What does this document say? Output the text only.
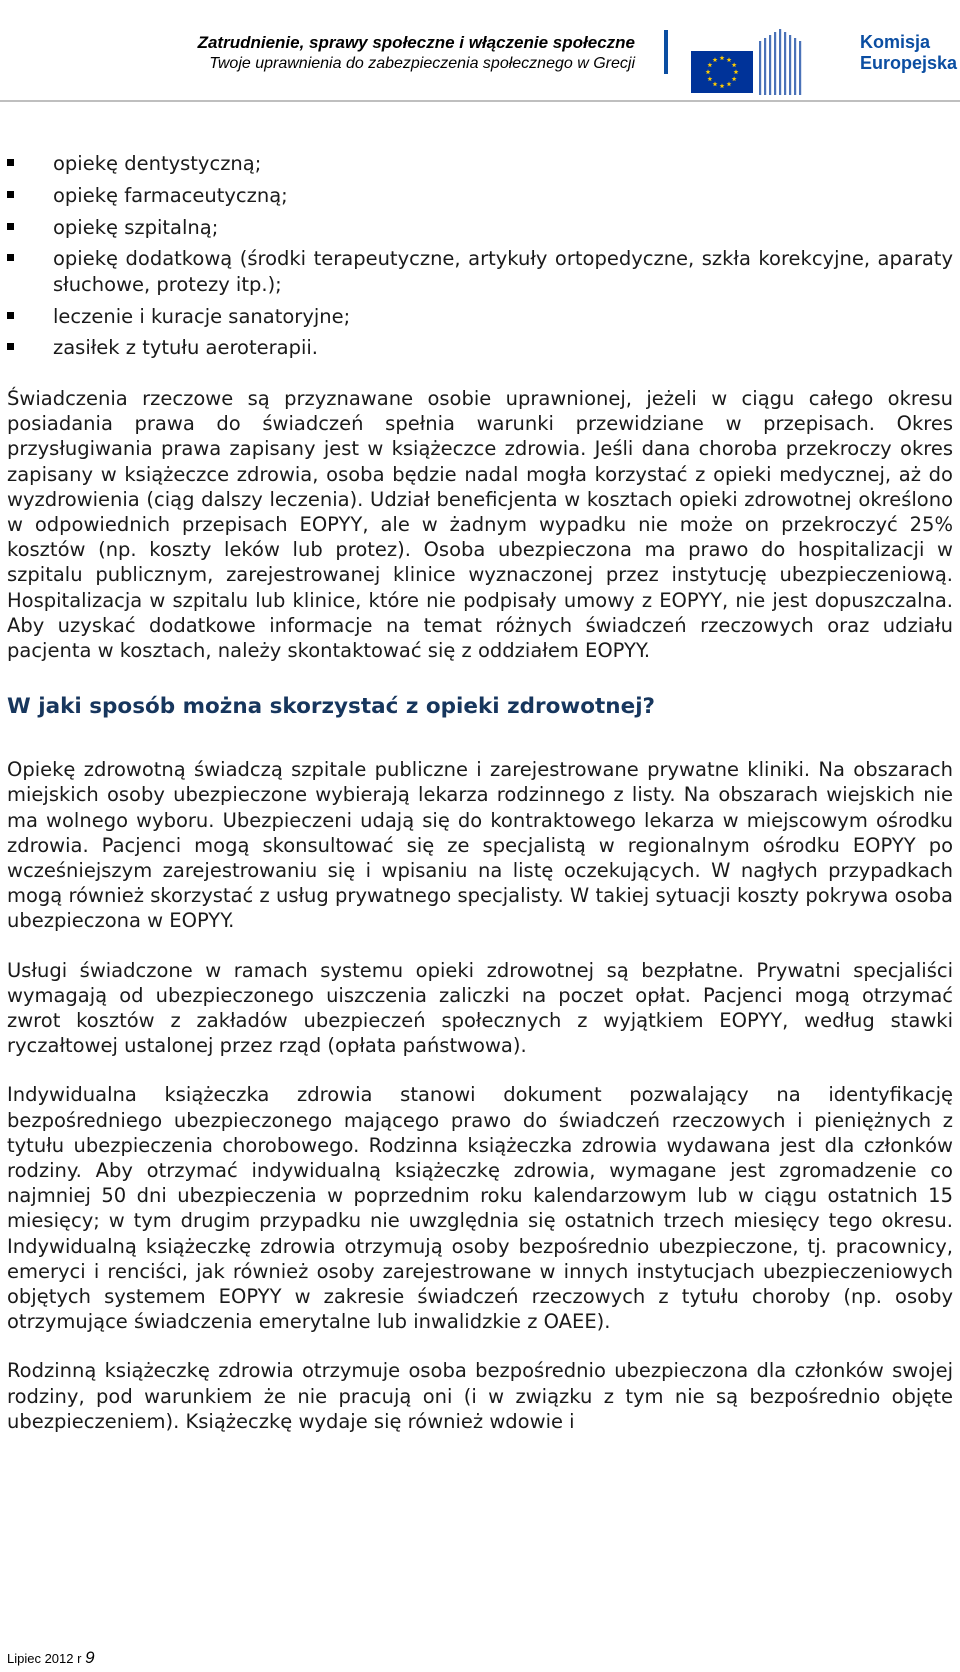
Zatrudnienie, sprawy społeczne i włączenie społeczne
Twoje uprawnienia do zabezpieczenia społecznego w Grecji
Komisja
Europejska
opiekę dentystyczną;
opiekę farmaceutyczną;
opiekę szpitalną;
opiekę dodatkową (środki terapeutyczne, artykuły ortopedyczne, szkła korekcyjne, aparaty słuchowe, protezy itp.);
leczenie i kuracje sanatoryjne;
zasiłek z tytułu aeroterapii.

Świadczenia rzeczowe są przyznawane osobie uprawnionej, jeżeli w ciągu całego okresu posiadania prawa do świadczeń spełnia warunki przewidziane w przepisach. Okres przysługiwania prawa zapisany jest w książeczce zdrowia. Jeśli dana choroba przekroczy okres zapisany w książeczce zdrowia, osoba będzie nadal mogła korzystać z opieki medycznej, aż do wyzdrowienia (ciąg dalszy leczenia). Udział beneficjenta w kosztach opieki zdrowotnej określono w odpowiednich przepisach EOPYY, ale w żadnym wypadku nie może on przekroczyć 25% kosztów (np. koszty leków lub protez). Osoba ubezpieczona ma prawo do hospitalizacji w szpitalu publicznym, zarejestrowanej klinice wyznaczonej przez instytucję ubezpieczeniową. Hospitalizacja w szpitalu lub klinice, które nie podpisały umowy z EOPYY, nie jest dopuszczalna. Aby uzyskać dodatkowe informacje na temat różnych świadczeń rzeczowych oraz udziału pacjenta w kosztach, należy skontaktować się z oddziałem EOPYY.

W jaki sposób można skorzystać z opieki zdrowotnej?

Opiekę zdrowotną świadczą szpitale publiczne i zarejestrowane prywatne kliniki. Na obszarach miejskich osoby ubezpieczone wybierają lekarza rodzinnego z listy. Na obszarach wiejskich nie ma wolnego wyboru. Ubezpieczeni udają się do kontraktowego lekarza w miejscowym ośrodku zdrowia. Pacjenci mogą skonsultować się ze specjalistą w regionalnym ośrodku EOPYY po wcześniejszym zarejestrowaniu się i wpisaniu na listę oczekujących. W nagłych przypadkach mogą również skorzystać z usług prywatnego specjalisty. W takiej sytuacji koszty pokrywa osoba ubezpieczona w EOPYY.

Usługi świadczone w ramach systemu opieki zdrowotnej są bezpłatne. Prywatni specjaliści wymagają od ubezpieczonego uiszczenia zaliczki na poczet opłat. Pacjenci mogą otrzymać zwrot kosztów z zakładów ubezpieczeń społecznych z wyjątkiem EOPYY, według stawki ryczałtowej ustalonej przez rząd (opłata państwowa).

Indywidualna książeczka zdrowia stanowi dokument pozwalający na identyfikację bezpośredniego ubezpieczonego mającego prawo do świadczeń rzeczowych i pieniężnych z tytułu ubezpieczenia chorobowego. Rodzinna książeczka zdrowia wydawana jest dla członków rodziny. Aby otrzymać indywidualną książeczkę zdrowia, wymagane jest zgromadzenie co najmniej 50 dni ubezpieczenia w poprzednim roku kalendarzowym lub w ciągu ostatnich 15 miesięcy; w tym drugim przypadku nie uwzględnia się ostatnich trzech miesięcy tego okresu. Indywidualną książeczkę zdrowia otrzymują osoby bezpośrednio ubezpieczone, tj. pracownicy, emeryci i renciści, jak również osoby zarejestrowane w innych instytucjach ubezpieczeniowych objętych systemem EOPYY w zakresie świadczeń rzeczowych z tytułu choroby (np. osoby otrzymujące świadczenia emerytalne lub inwalidzkie z OAEE).

Rodzinną książeczkę zdrowia otrzymuje osoba bezpośrednio ubezpieczona dla członków swojej rodziny, pod warunkiem że nie pracują oni (i w związku z tym nie są bezpośrednio objęte ubezpieczeniem). Książeczkę wydaje się również wdowie i

Lipiec 2012 r 9
